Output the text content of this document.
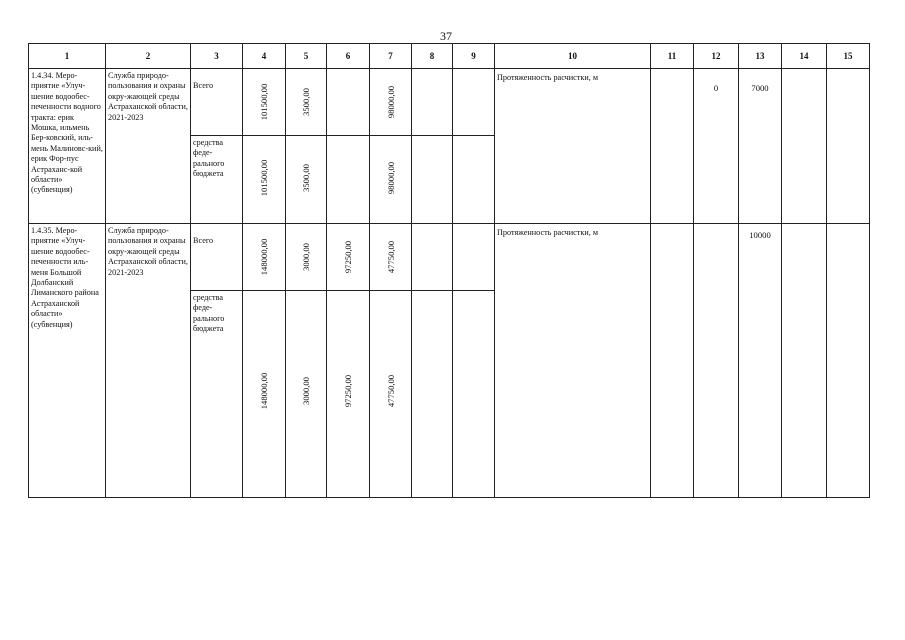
37
1	2	3	4	5	6	7	8	9	10	11	12	13	14	15

1.4.34. Меро-приятие «Улуч-шение водообес-печенности водного тракта: ерик Мошка, ильмень Бер-ковский, иль-мень Малиновс-кий, ерик Фор-пус Астраханс-кой области» (субвенция)	Служба природо-пользования и охраны окру-жающей среды Астраханской области, 2021-2023	Всего	101500,00	3500,00		98000,00			Протяженность расчистки, м		0	7000		

		средства феде-рального бюджета	101500,00	3500,00		98000,00								

1.4.35. Меро-приятие «Улуч-шение водообес-печенности иль-меня Большой Долбанский Лиманского района Астраханской области» (субвенция)	Служба природо-пользования и охраны окру-жающей среды Астраханской области, 2021-2023	Всего	148000,00	3000,00	97250,00	47750,00			Протяженность расчистки, м			10000		

		средства феде-рального бюджета	148000,00	3000,00	97250,00	47750,00								
